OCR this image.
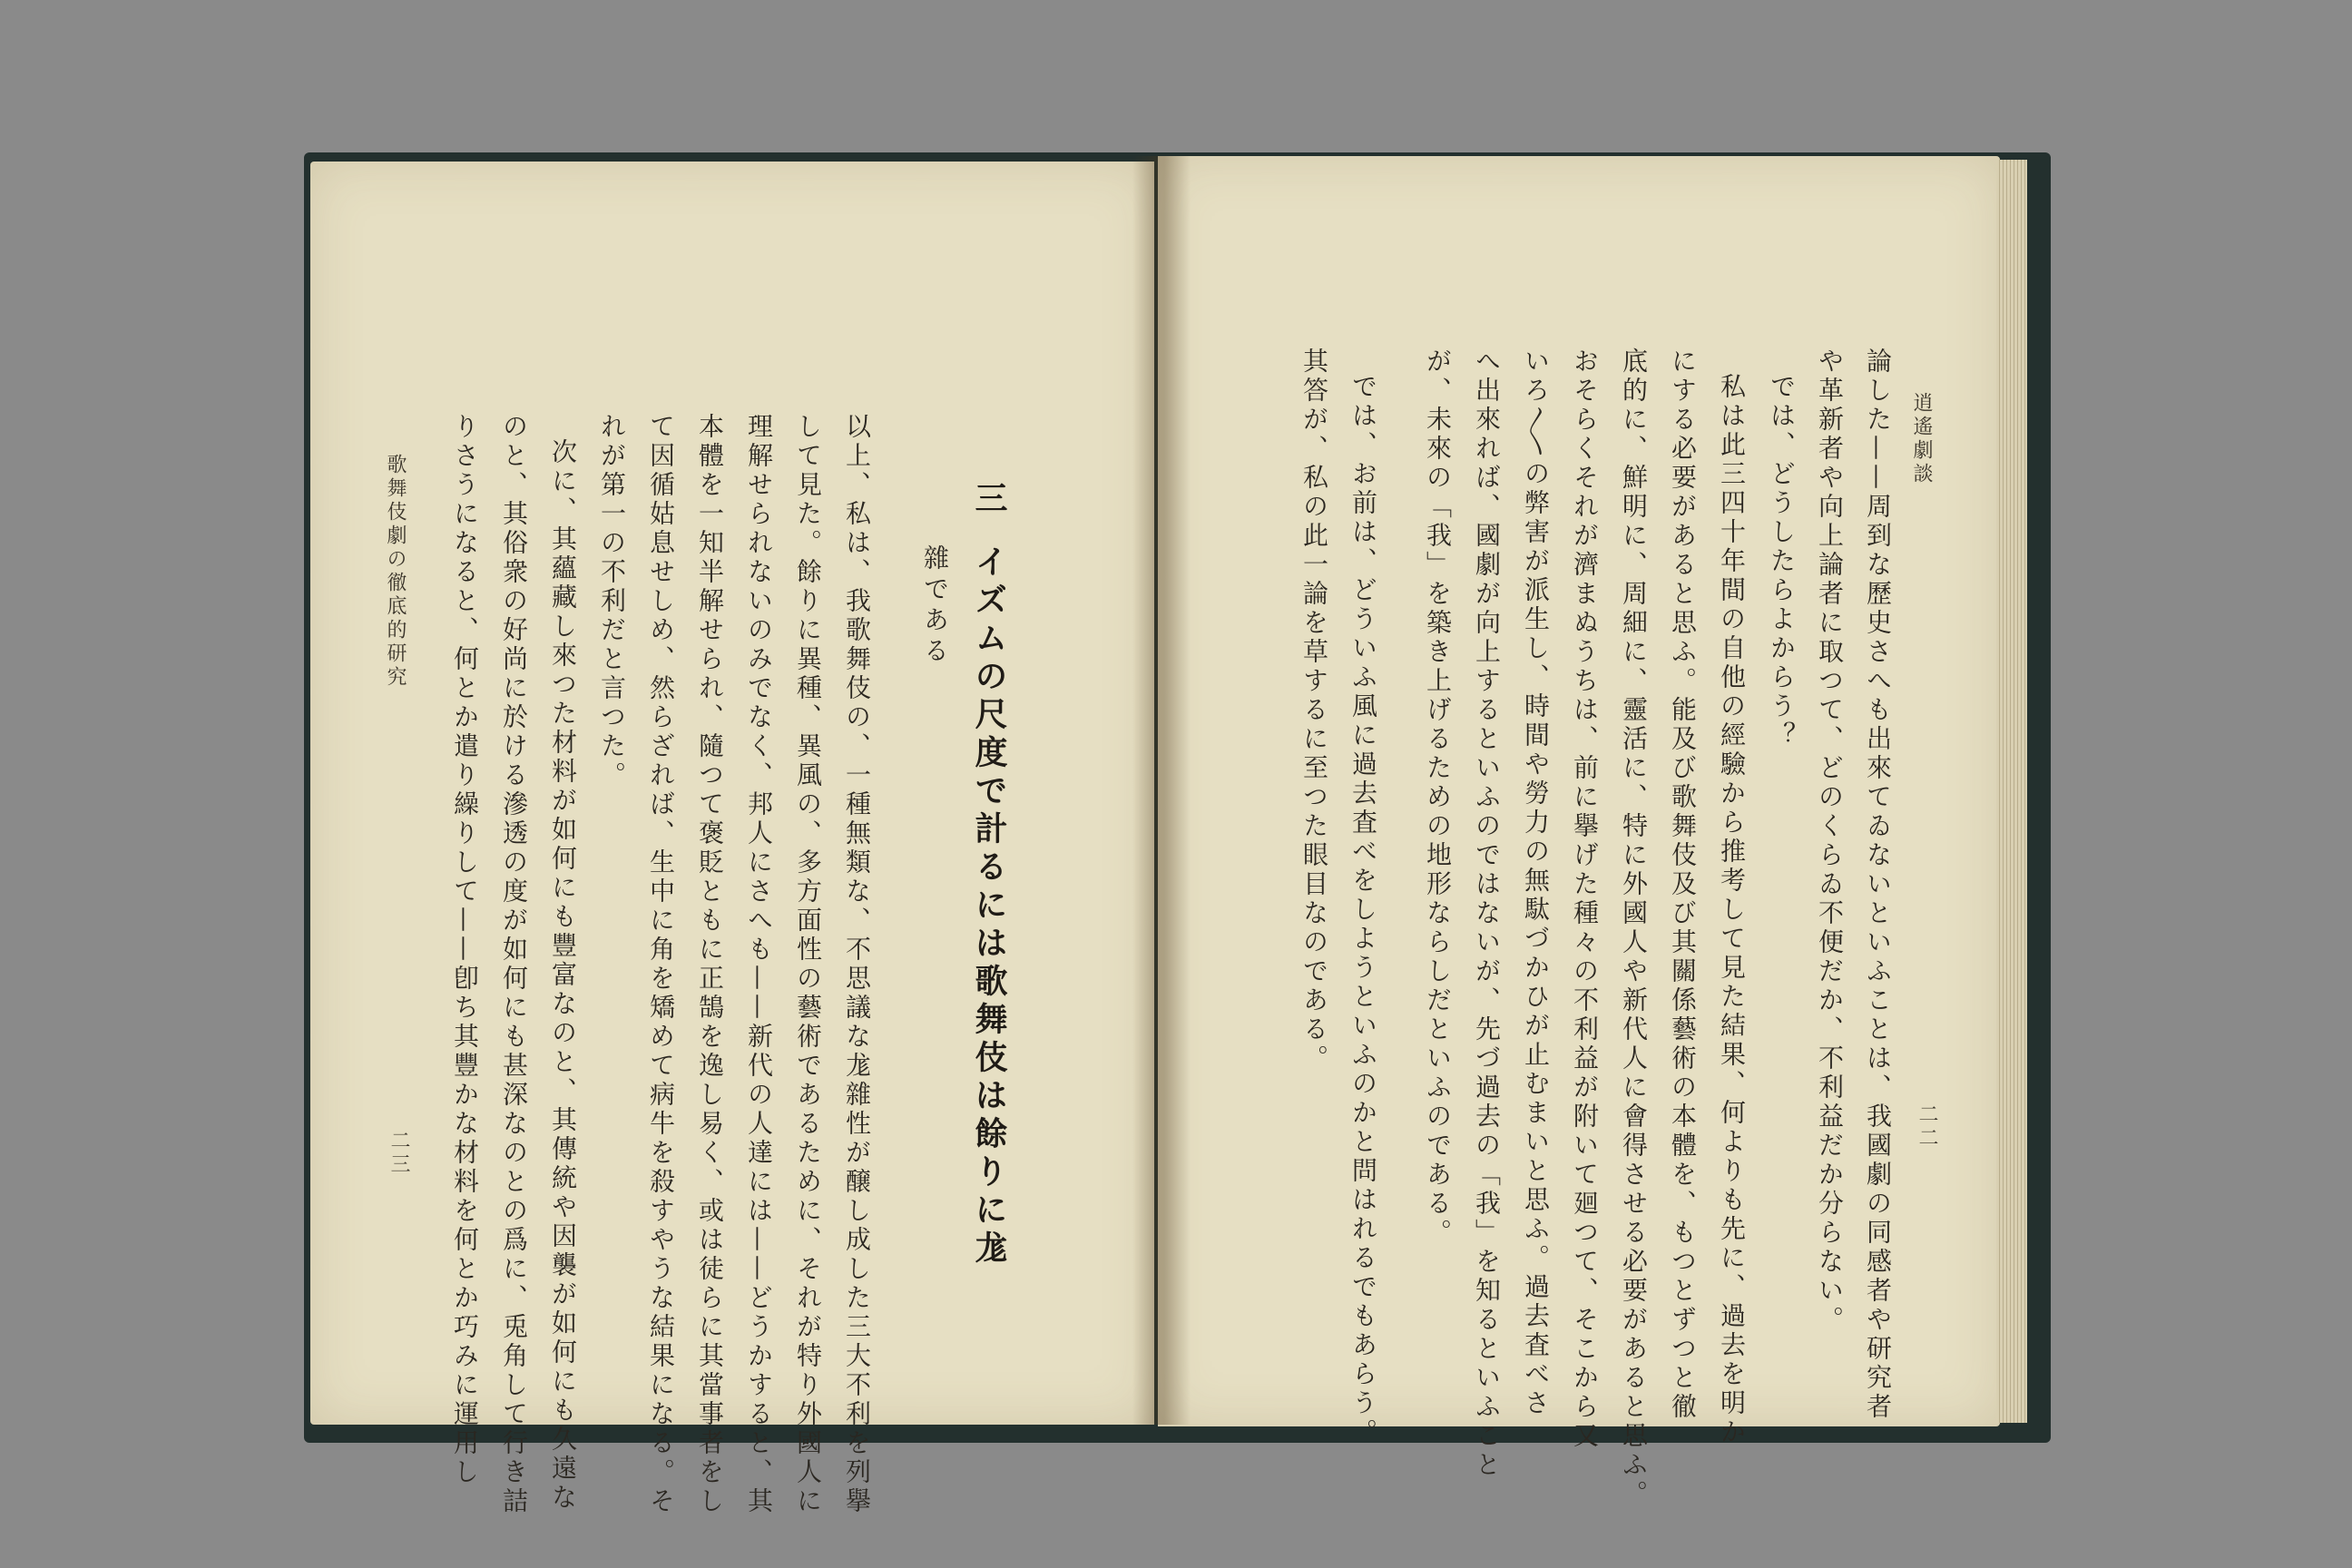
逍遙劇談
二二
論した——周到な歷史さへも出來てゐないといふことは、我國劇の同感者や研究者
や革新者や向上論者に取つて、どのくらゐ不便だか、不利益だか分らない。
では、どうしたらよからう？
私は此三四十年間の自他の經驗から推考して見た結果、何よりも先に、過去を明か
にする必要があると思ふ。能及び歌舞伎及び其關係藝術の本體を、もつとずつと徹
底的に、鮮明に、周細に、靈活に、特に外國人や新代人に會得させる必要があると思ふ。
おそらくそれが濟まぬうちは、前に擧げた種々の不利益が附いて廻つて、そこから又
いろ〳〵の弊害が派生し、時間や勞力の無駄づかひが止むまいと思ふ。過去査べさ
へ出來れば、國劇が向上するといふのではないが、先づ過去の「我」を知るといふこと
が、未來の「我」を築き上げるための地形ならしだといふのである。
では、お前は、どういふ風に過去査べをしようといふのかと問はれるでもあらう。
其答が、私の此一論を草するに至つた眼目なのである。
三
イズムの尺度で計るには歌舞伎は餘りに尨
雜である
以上、私は、我歌舞伎の、一種無類な、不思議な尨雜性が醸し成した三大不利を列擧
して見た。餘りに異種、異風の、多方面性の藝術であるために、それが特り外國人に
理解せられないのみでなく、邦人にさへも——新代の人達には——どうかすると、其
本體を一知半解せられ、隨つて褒貶ともに正鵠を逸し易く、或は徒らに其當事者をし
て因循姑息せしめ、然らざれば、生中に角を矯めて病牛を殺すやうな結果になる。そ
れが第一の不利だと言つた。
次に、其蘊藏し來つた材料が如何にも豐富なのと、其傳統や因襲が如何にも久遠な
のと、其俗衆の好尚に於ける滲透の度が如何にも甚深なのとの爲に、兎角して行き詰
りさうになると、何とか遣り繰りして——卽ち其豐かな材料を何とか巧みに運用し
歌舞伎劇の徹底的研究
二三
